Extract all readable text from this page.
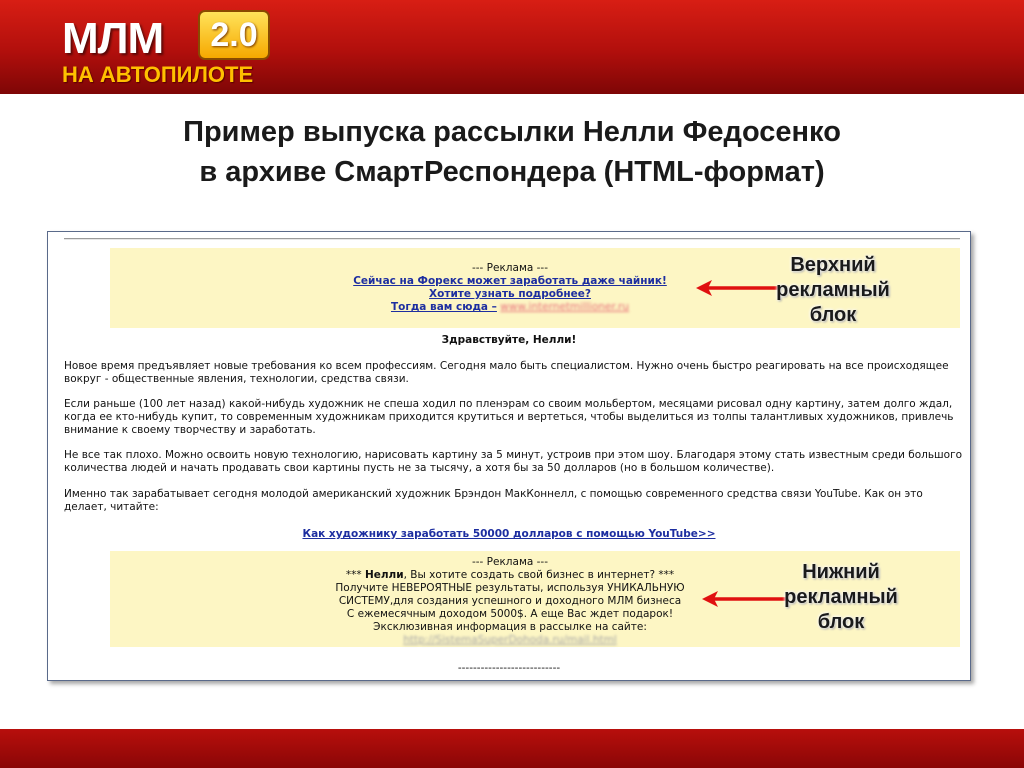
МЛМ	2.0
НА АВТОПИЛОТЕ
Пример выпуска рассылки Нелли Федосенко
в архиве СмартРеспондера (HTML-формат)
--- Реклама ---
Сейчас на Форекс может заработать даже чайник!
Хотите узнать подробнее?
Тогда вам сюда – www.internetmillioner.ru
Здравствуйте, Нелли!
Новое время предъявляет новые требования ко всем профессиям. Сегодня мало быть специалистом. Нужно очень быстро реагировать на все происходящее вокруг - общественные явления, технологии, средства связи.
Если раньше (100 лет назад) какой-нибудь художник не спеша ходил по пленэрам со своим мольбертом, месяцами рисовал одну картину, затем долго ждал, когда ее кто-нибудь купит, то современным художникам приходится крутиться и вертеться, чтобы выделиться из толпы талантливых художников, привлечь внимание к своему творчеству и заработать.
Не все так плохо. Можно освоить новую технологию, нарисовать картину за 5 минут, устроив при этом шоу. Благодаря этому стать известным среди большого количества людей и начать продавать свои картины пусть не за тысячу, а хотя бы за 50 долларов (но в большом количестве).
Именно так зарабатывает сегодня молодой американский художник Брэндон МакКоннелл, с помощью современного средства связи YouTube. Как он это делает, читайте:
Как художнику заработать 50000 долларов с помощью YouTube>>
--- Реклама ---
*** Нелли, Вы хотите создать свой бизнес в интернет? ***
Получите НЕВЕРОЯТНЫЕ результаты, используя УНИКАЛЬНУЮ
СИСТЕМУ,для создания успешного и доходного МЛМ бизнеса
С ежемесячным доходом 5000$. А еще Вас ждет подарок!
Эксклюзивная информация в рассылке на сайте:
http://SistemaSuperDohoda.ru/mail.html
---------------------------
Верхний
рекламный
блок
Нижний
рекламный
блок
